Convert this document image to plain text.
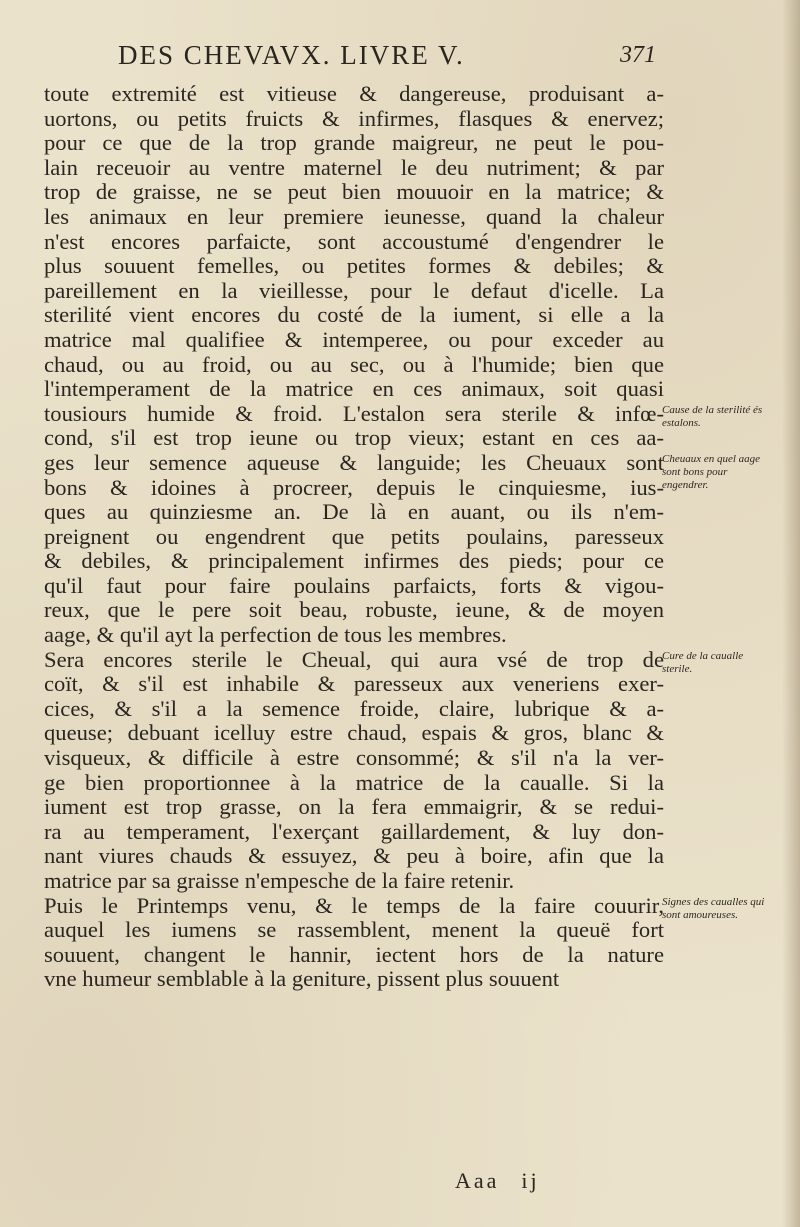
DES CHEVAVX. LIVRE V.	371
toute extremité est vitieuse & dangereuse, produisant a-
uortons, ou petits fruicts & infirmes, flasques & enervez;
pour ce que de la trop grande maigreur, ne peut le pou-
lain receuoir au ventre maternel le deu nutriment; & par
trop de graisse, ne se peut bien mouuoir en la matrice; &
les animaux en leur premiere ieunesse, quand la chaleur
n'est encores parfaicte, sont accoustumé d'engendrer le
plus souuent femelles, ou petites formes & debiles; &
pareillement en la vieillesse, pour le defaut d'icelle. La
sterilité vient encores du costé de la iument, si elle a la
matrice mal qualifiee & intemperee, ou pour exceder au
chaud, ou au froid, ou au sec, ou à l'humide; bien que
l'intemperament de la matrice en ces animaux, soit quasi
tousiours humide & froid. L'estalon sera sterile & infœ-
cond, s'il est trop ieune ou trop vieux; estant en ces aa-
ges leur semence aqueuse & languide; les Cheuaux sont
bons & idoines à procreer, depuis le cinquiesme, ius-
ques au quinziesme an. De là en auant, ou ils n'em-
preignent ou engendrent que petits poulains, paresseux
& debiles, & principalement infirmes des pieds; pour ce
qu'il faut pour faire poulains parfaicts, forts & vigou-
reux, que le pere soit beau, robuste, ieune, & de moyen
aage, & qu'il ayt la perfection de tous les membres.
Sera encores sterile le Cheual, qui aura vsé de trop de
coït, & s'il est inhabile & paresseux aux veneriens exer-
cices, & s'il a la semence froide, claire, lubrique & a-
queuse; debuant icelluy estre chaud, espais & gros, blanc &
visqueux, & difficile à estre consommé; & s'il n'a la ver-
ge bien proportionnee à la matrice de la caualle. Si la
iument est trop grasse, on la fera emmaigrir, & se redui-
ra au temperament, l'exerçant gaillardement, & luy don-
nant viures chauds & essuyez, & peu à boire, afin que la
matrice par sa graisse n'empesche de la faire retenir.
Puis le Printemps venu, & le temps de la faire couurir,
auquel les iumens se rassemblent, menent la queuë fort
souuent, changent le hannir, iectent hors de la nature
vne humeur semblable à la geniture, pissent plus souuent
Cause de la sterilité és estalons.
Cheuaux en quel aage sont bons pour engendrer.
Cure de la caualle sterile.
Signes des caualles qui sont amoureuses.
Aaa ij
